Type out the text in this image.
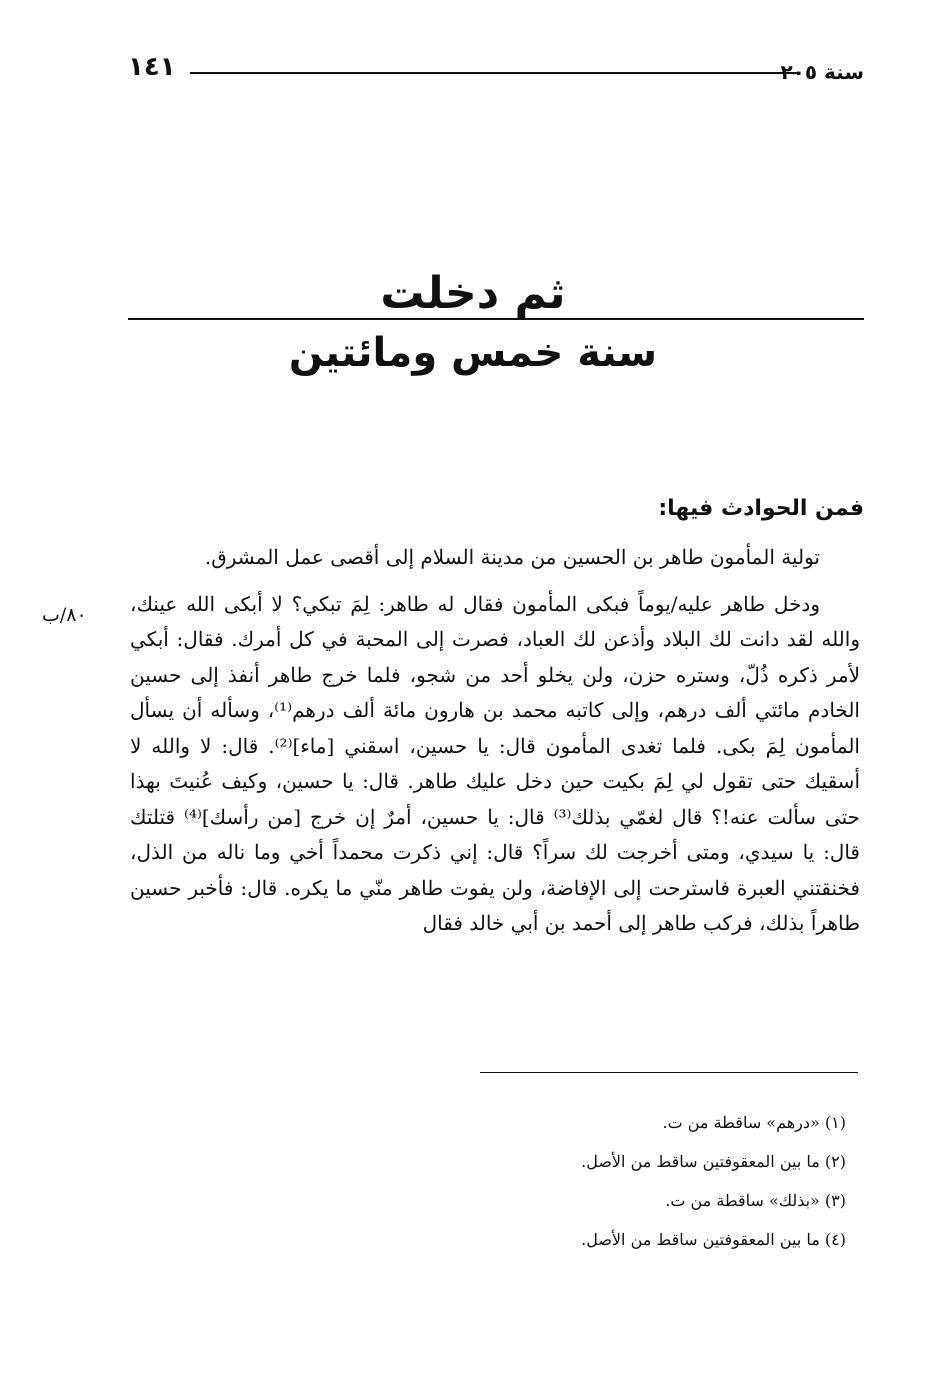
١٤١	سنة ٢٠٥
ثم دخلت
سنة خمس ومائتين
فمن الحوادث فيها:

تولية المأمون طاهر بن الحسين من مدينة السلام إلى أقصى عمل المشرق.

ودخل طاهر عليه/يوماً فبكى المأمون فقال له طاهر: لِمَ تبكي؟ لا أبكى الله عينك، والله لقد دانت لك البلاد وأذعن لك العباد، فصرت إلى المحبة في كل أمرك. فقال: أبكي لأمر ذكره ذُلّ، وستره حزن، ولن يخلو أحد من شجو، فلما خرج طاهر أنفذ إلى حسين الخادم مائتي ألف درهم، وإلى كاتبه محمد بن هارون مائة ألف درهم⁽¹⁾، وسأله أن يسأل المأمون لِمَ بكى. فلما تغدى المأمون قال: يا حسين، اسقني [ماء]⁽²⁾. قال: لا والله لا أسقيك حتى تقول لي لِمَ بكيت حين دخل عليك طاهر. قال: يا حسين، وكيف عُنيتَ بهذا حتى سألت عنه!؟ قال لغمّي بذلك⁽³⁾ قال: يا حسين، أمرٌ إن خرج [من رأسك]⁽⁴⁾ قتلتك قال: يا سيدي، ومتى أخرجت لك سراً؟ قال: إني ذكرت محمداً أخي وما ناله من الذل، فخنقتني العبرة فاسترحت إلى الإفاضة، ولن يفوت طاهر منّي ما يكره. قال: فأخبر حسين طاهراً بذلك، فركب طاهر إلى أحمد بن أبي خالد فقال

٨٠/ب
(١) «درهم» ساقطة من ت.
(٢) ما بين المعقوفتين ساقط من الأصل.
(٣) «بذلك» ساقطة من ت.
(٤) ما بين المعقوفتين ساقط من الأصل.
